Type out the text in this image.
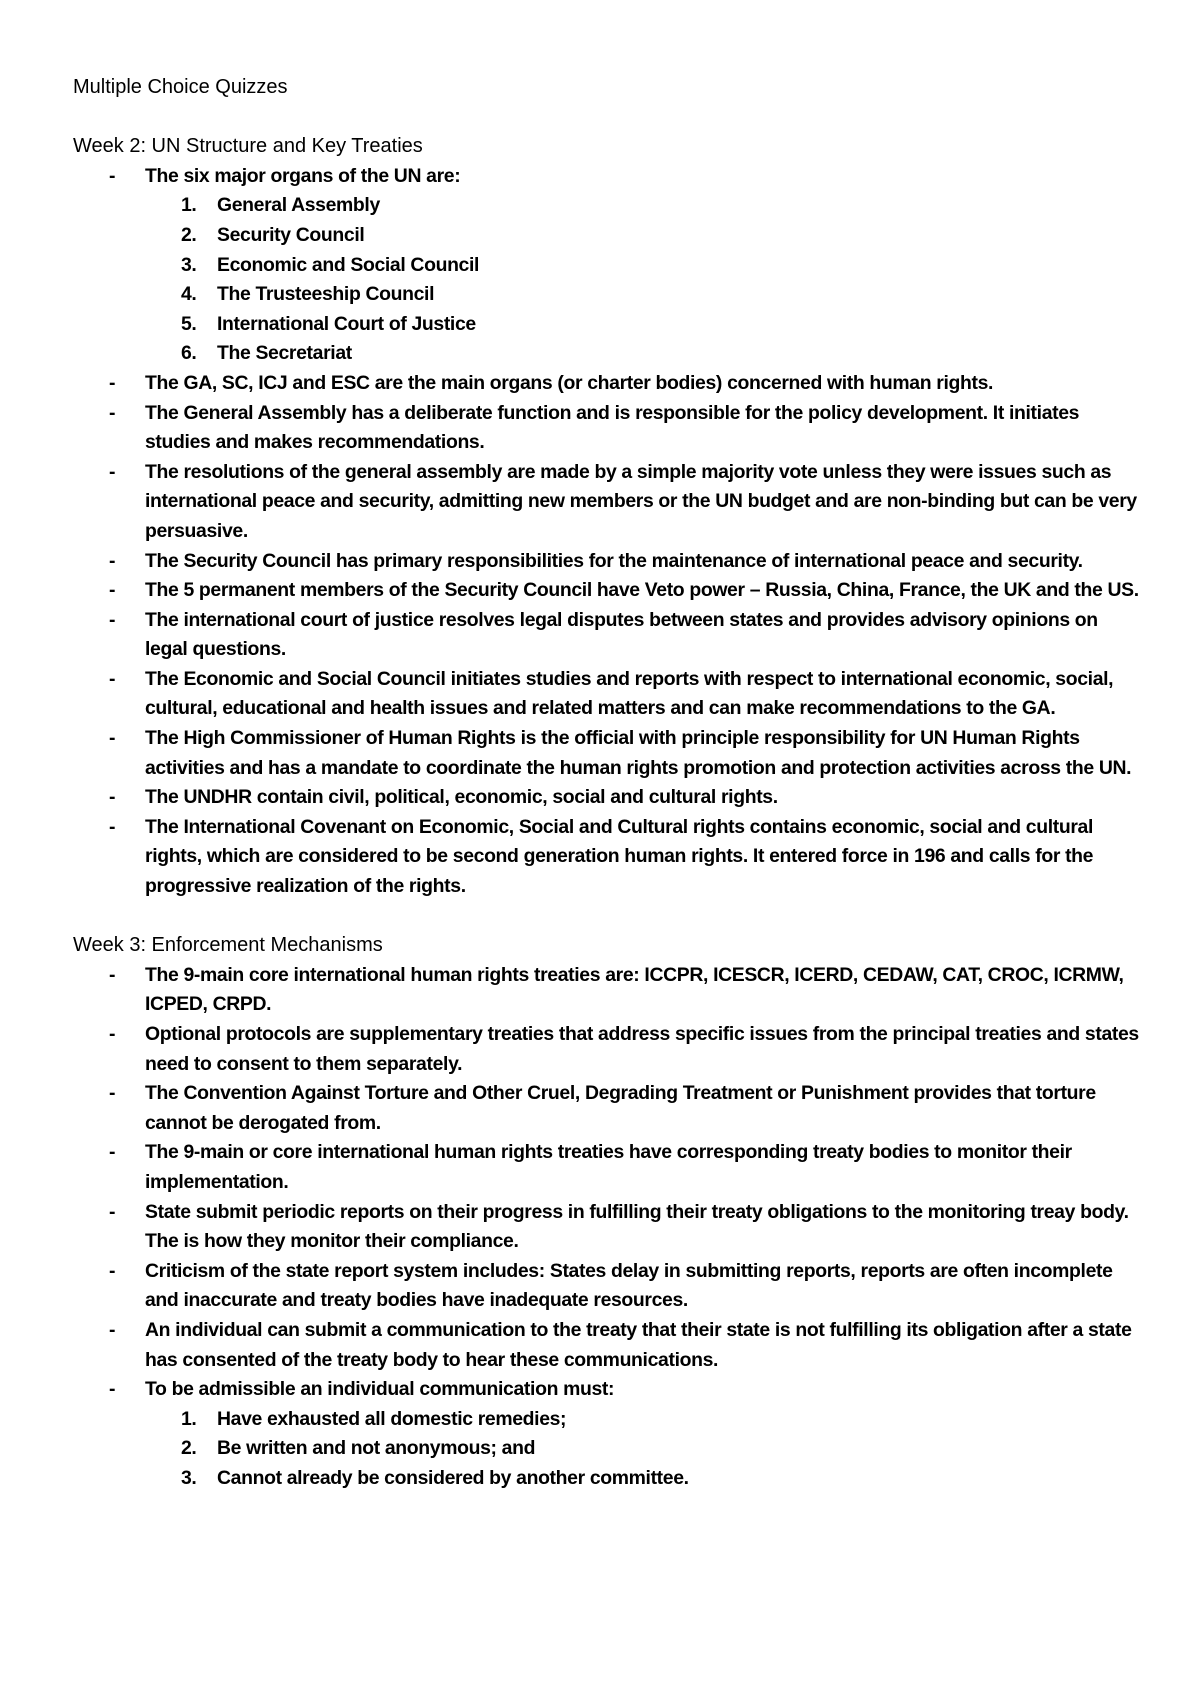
Multiple Choice Quizzes

Week 2: UN Structure and Key Treaties

- The six major organs of the UN are:
1. General Assembly
2. Security Council
3. Economic and Social Council
4. The Trusteeship Council
5. International Court of Justice
6. The Secretariat
- The GA, SC, ICJ and ESC are the main organs (or charter bodies) concerned with human rights.
- The General Assembly has a deliberate function and is responsible for the policy development. It initiates studies and makes recommendations.
- The resolutions of the general assembly are made by a simple majority vote unless they were issues such as international peace and security, admitting new members or the UN budget and are non-binding but can be very persuasive.
- The Security Council has primary responsibilities for the maintenance of international peace and security.
- The 5 permanent members of the Security Council have Veto power – Russia, China, France, the UK and the US.
- The international court of justice resolves legal disputes between states and provides advisory opinions on legal questions.
- The Economic and Social Council initiates studies and reports with respect to international economic, social, cultural, educational and health issues and related matters and can make recommendations to the GA.
- The High Commissioner of Human Rights is the official with principle responsibility for UN Human Rights activities and has a mandate to coordinate the human rights promotion and protection activities across the UN.
- The UNDHR contain civil, political, economic, social and cultural rights.
- The International Covenant on Economic, Social and Cultural rights contains economic, social and cultural rights, which are considered to be second generation human rights. It entered force in 196 and calls for the progressive realization of the rights.

Week 3: Enforcement Mechanisms

- The 9-main core international human rights treaties are: ICCPR, ICESCR, ICERD, CEDAW, CAT, CROC, ICRMW, ICPED, CRPD.
- Optional protocols are supplementary treaties that address specific issues from the principal treaties and states need to consent to them separately.
- The Convention Against Torture and Other Cruel, Degrading Treatment or Punishment provides that torture cannot be derogated from.
- The 9-main or core international human rights treaties have corresponding treaty bodies to monitor their implementation.
- State submit periodic reports on their progress in fulfilling their treaty obligations to the monitoring treay body. The is how they monitor their compliance.
- Criticism of the state report system includes: States delay in submitting reports, reports are often incomplete and inaccurate and treaty bodies have inadequate resources.
- An individual can submit a communication to the treaty that their state is not fulfilling its obligation after a state has consented of the treaty body to hear these communications.
- To be admissible an individual communication must:
1. Have exhausted all domestic remedies;
2. Be written and not anonymous; and
3. Cannot already be considered by another committee.
